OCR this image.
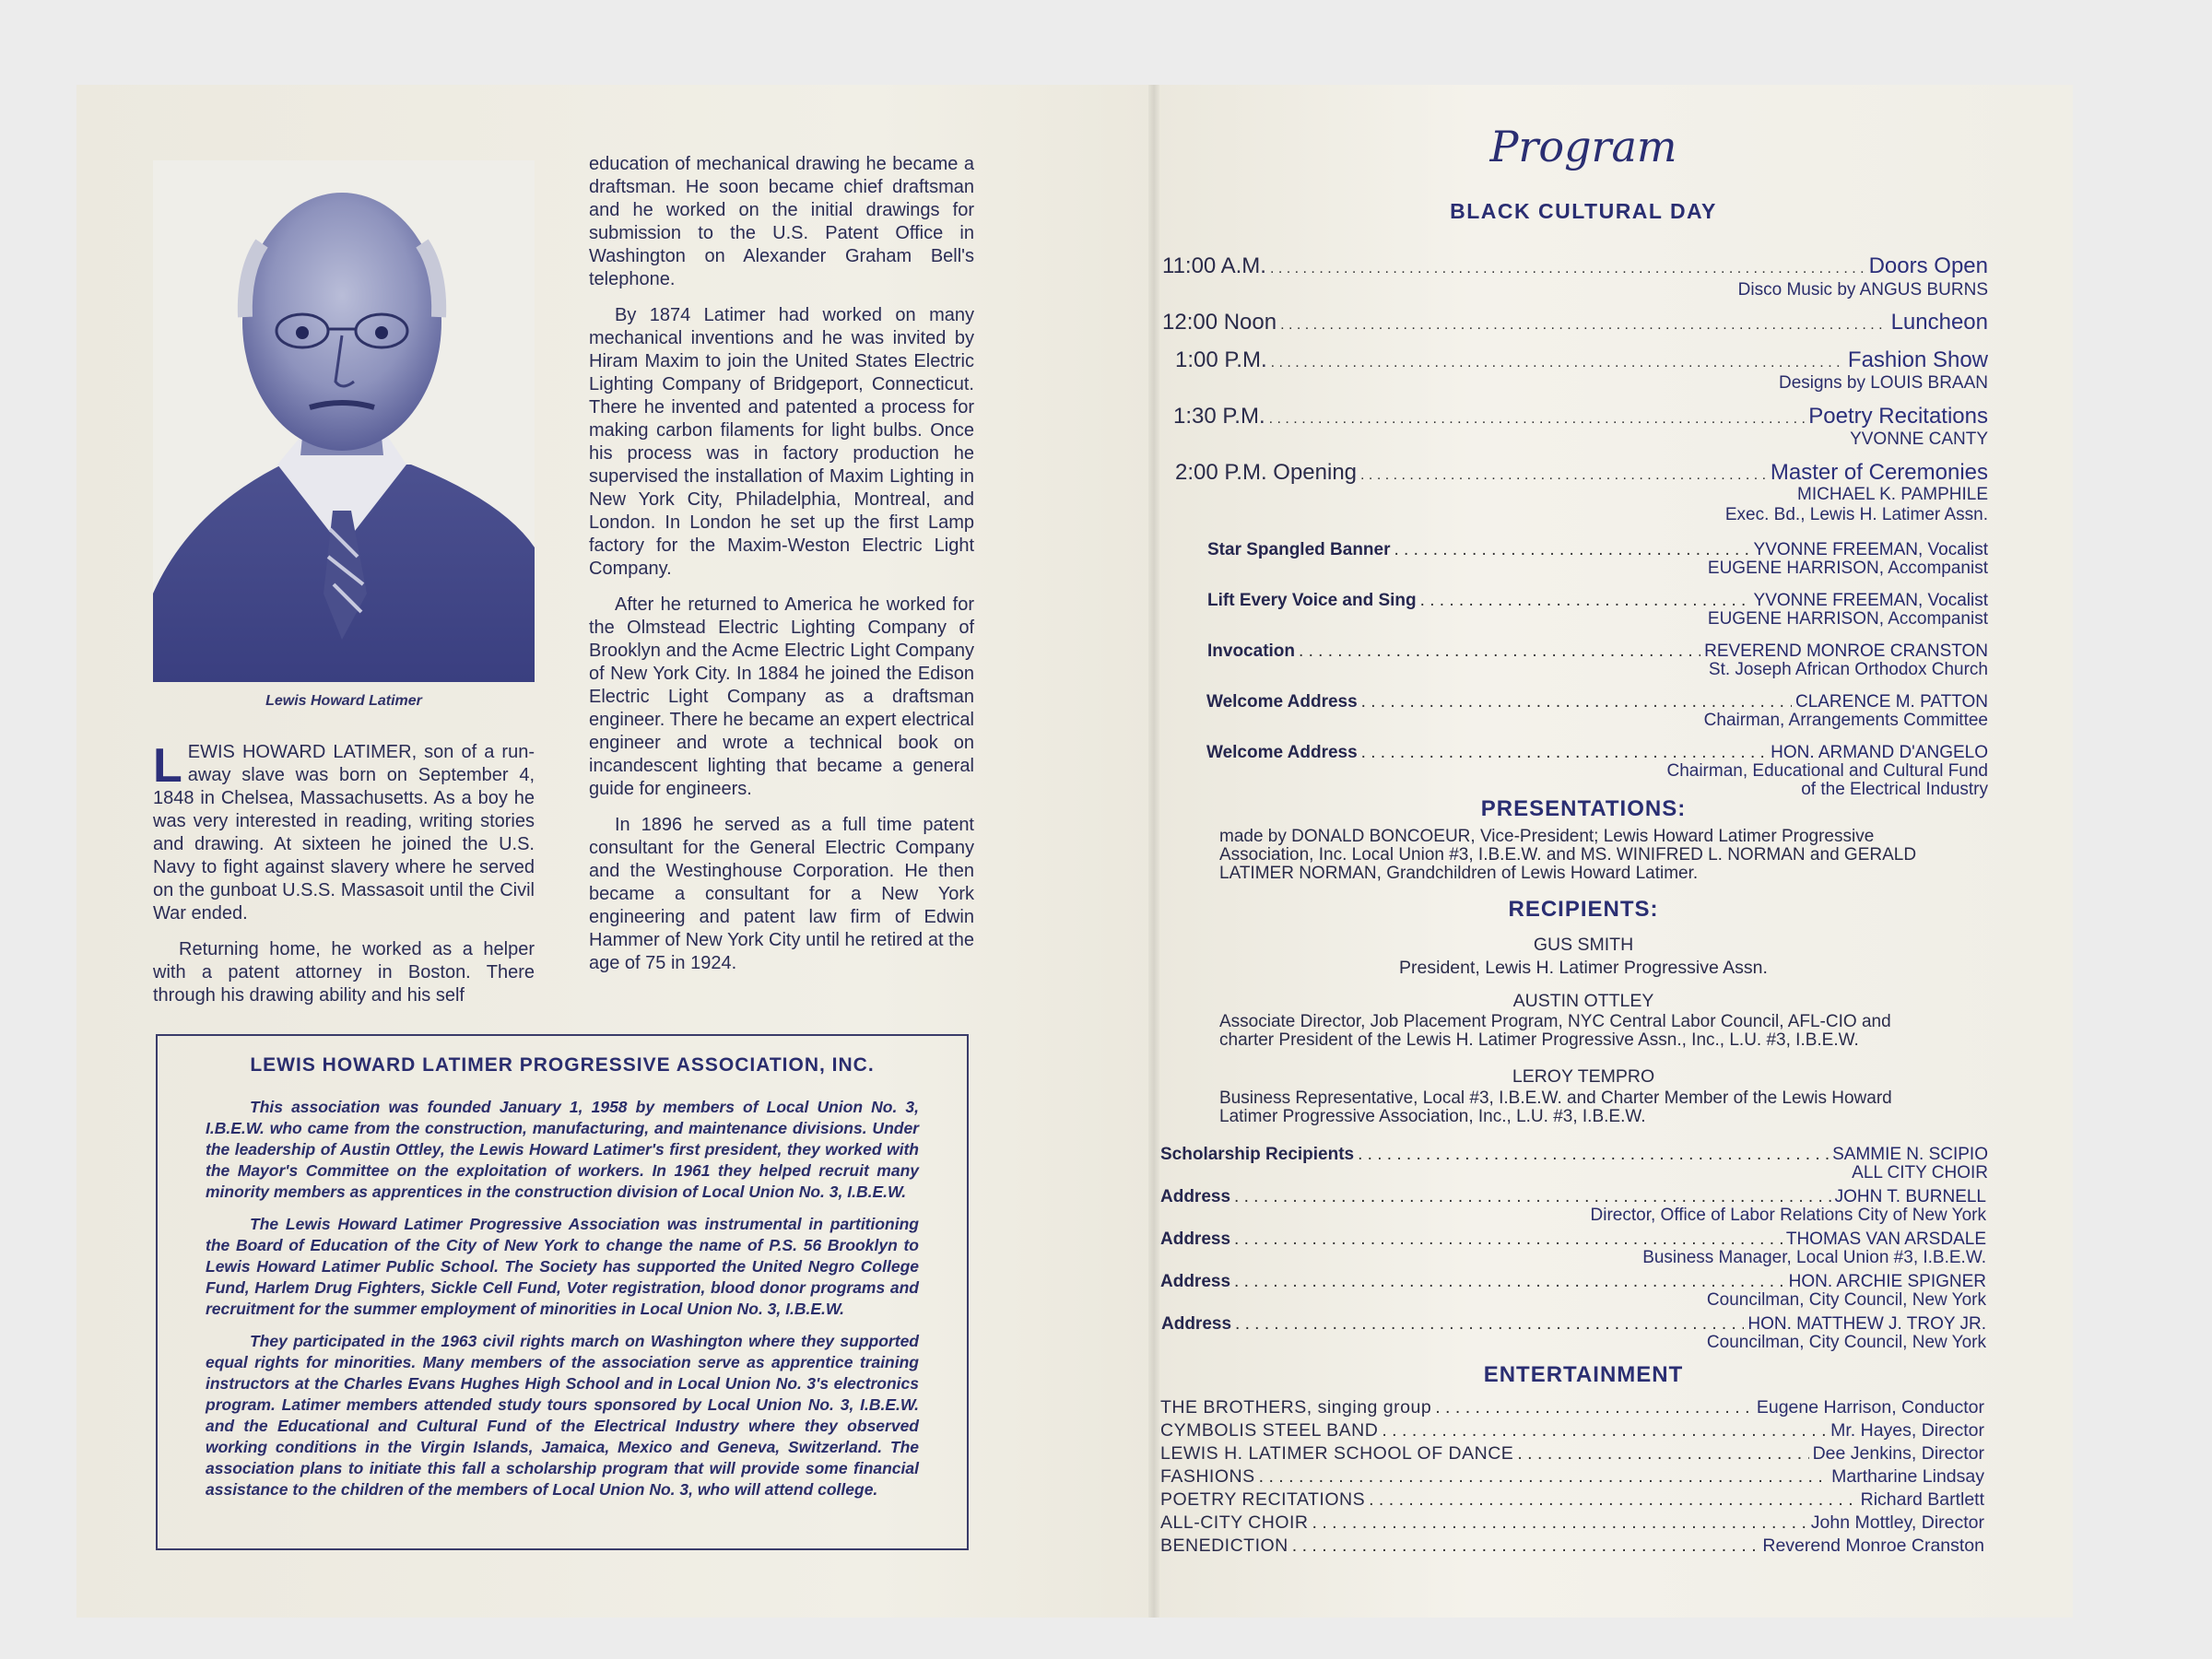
Lewis Howard Latimer

LEWIS HOWARD LATIMER, son of a run-away slave was born on September 4, 1848 in Chelsea, Massachusetts. As a boy he was very interested in reading, writing stories and drawing. At sixteen he joined the U.S. Navy to fight against slavery where he served on the gunboat U.S.S. Massasoit until the Civil War ended.

Returning home, he worked as a helper with a patent attorney in Boston. There through his drawing ability and his self

education of mechanical drawing he became a draftsman. He soon became chief draftsman and he worked on the initial drawings for submission to the U.S. Patent Office in Washington on Alexander Graham Bell's telephone.

By 1874 Latimer had worked on many mechanical inventions and he was invited by Hiram Maxim to join the United States Electric Lighting Company of Bridgeport, Connecticut. There he invented and patented a process for making carbon filaments for light bulbs. Once his process was in factory production he supervised the installation of Maxim Lighting in New York City, Philadelphia, Montreal, and London. In London he set up the first Lamp factory for the Maxim-Weston Electric Light Company.

After he returned to America he worked for the Olmstead Electric Lighting Company of Brooklyn and the Acme Electric Light Company of New York City. In 1884 he joined the Edison Electric Light Company as a draftsman engineer. There he became an expert electrical engineer and wrote a technical book on incandescent lighting that became a general guide for engineers.

In 1896 he served as a full time patent consultant for the General Electric Company and the Westinghouse Corporation. He then became a consultant for a New York engineering and patent law firm of Edwin Hammer of New York City until he retired at the age of 75 in 1924.

LEWIS HOWARD LATIMER PROGRESSIVE ASSOCIATION, INC.

This association was founded January 1, 1958 by members of Local Union No. 3, I.B.E.W. who came from the construction, manufacturing, and maintenance divisions. Under the leadership of Austin Ottley, the Lewis Howard Latimer's first president, they worked with the Mayor's Committee on the exploitation of workers. In 1961 they helped recruit many minority members as apprentices in the construction division of Local Union No. 3, I.B.E.W.

The Lewis Howard Latimer Progressive Association was instrumental in partitioning the Board of Education of the City of New York to change the name of P.S. 56 Brooklyn to Lewis Howard Latimer Public School. The Society has supported the United Negro College Fund, Harlem Drug Fighters, Sickle Cell Fund, Voter registration, blood donor programs and recruitment for the summer employment of minorities in Local Union No. 3, I.B.E.W.

They participated in the 1963 civil rights march on Washington where they supported equal rights for minorities. Many members of the association serve as apprentice training instructors at the Charles Evans Hughes High School and in Local Union No. 3's electronics program. Latimer members attended study tours sponsored by Local Union No. 3, I.B.E.W. and the Educational and Cultural Fund of the Electrical Industry where they observed working conditions in the Virgin Islands, Jamaica, Mexico and Geneva, Switzerland. The association plans to initiate this fall a scholarship program that will provide some financial assistance to the children of the members of Local Union No. 3, who will attend college.

Program
BLACK CULTURAL DAY
11:00 A.M. . . .	Doors Open
Disco Music by ANGUS BURNS
12:00 Noon . . .	Luncheon
1:00 P.M. . . .	Fashion Show
Designs by LOUIS BRAAN
1:30 P.M. . . .	Poetry Recitations
YVONNE CANTY
2:00 P.M. Opening . . .	Master of Ceremonies
MICHAEL K. PAMPHILE
Exec. Bd., Lewis H. Latimer Assn.
Star Spangled Banner . . .	YVONNE FREEMAN, Vocalist
EUGENE HARRISON, Accompanist
Lift Every Voice and Sing . . .	YVONNE FREEMAN, Vocalist
EUGENE HARRISON, Accompanist
Invocation . . .	REVEREND MONROE CRANSTON
St. Joseph African Orthodox Church
Welcome Address . . .	CLARENCE M. PATTON
Chairman, Arrangements Committee
Welcome Address . . .	HON. ARMAND D'ANGELO
Chairman, Educational and Cultural Fund
of the Electrical Industry
PRESENTATIONS:
made by DONALD BONCOEUR, Vice-President; Lewis Howard Latimer Progressive Association, Inc. Local Union #3, I.B.E.W. and MS. WINIFRED L. NORMAN and GERALD LATIMER NORMAN, Grandchildren of Lewis Howard Latimer.
RECIPIENTS:
GUS SMITH
President, Lewis H. Latimer Progressive Assn.
AUSTIN OTTLEY
Associate Director, Job Placement Program, NYC Central Labor Council, AFL-CIO and charter President of the Lewis H. Latimer Progressive Assn., Inc., L.U. #3, I.B.E.W.
LEROY TEMPRO
Business Representative, Local #3, I.B.E.W. and Charter Member of the Lewis Howard Latimer Progressive Association, Inc., L.U. #3, I.B.E.W.
Scholarship Recipients . . .	SAMMIE N. SCIPIO
ALL CITY CHOIR
Address . . .	JOHN T. BURNELL
Director, Office of Labor Relations City of New York
Address . . .	THOMAS VAN ARSDALE
Business Manager, Local Union #3, I.B.E.W.
Address . . .	HON. ARCHIE SPIGNER
Councilman, City Council, New York
Address . . .	HON. MATTHEW J. TROY JR.
Councilman, City Council, New York
ENTERTAINMENT
THE BROTHERS, singing group . . .	Eugene Harrison, Conductor
CYMBOLIS STEEL BAND . . .	Mr. Hayes, Director
LEWIS H. LATIMER SCHOOL OF DANCE . . .	Dee Jenkins, Director
FASHIONS . . .	Martharine Lindsay
POETRY RECITATIONS . . .	Richard Bartlett
ALL-CITY CHOIR . . .	John Mottley, Director
BENEDICTION . . .	Reverend Monroe Cranston
